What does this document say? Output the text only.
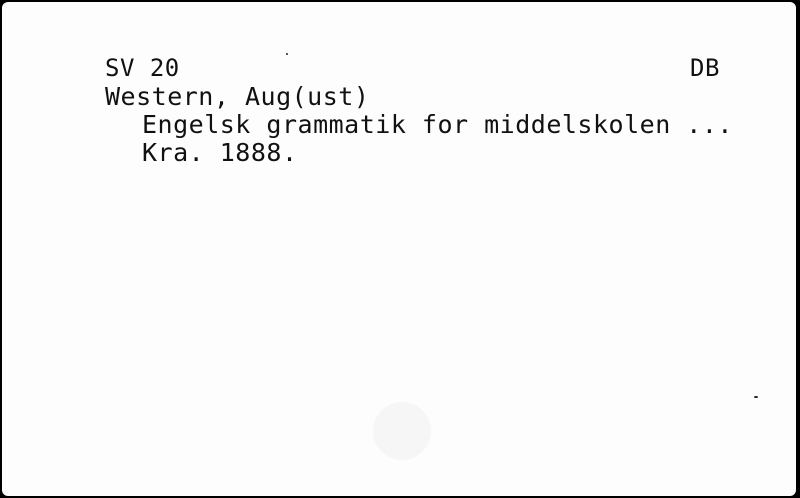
SV 20	DB
Western, Aug(ust)
Engelsk grammatik for middelskolen ...
Kra. 1888.
